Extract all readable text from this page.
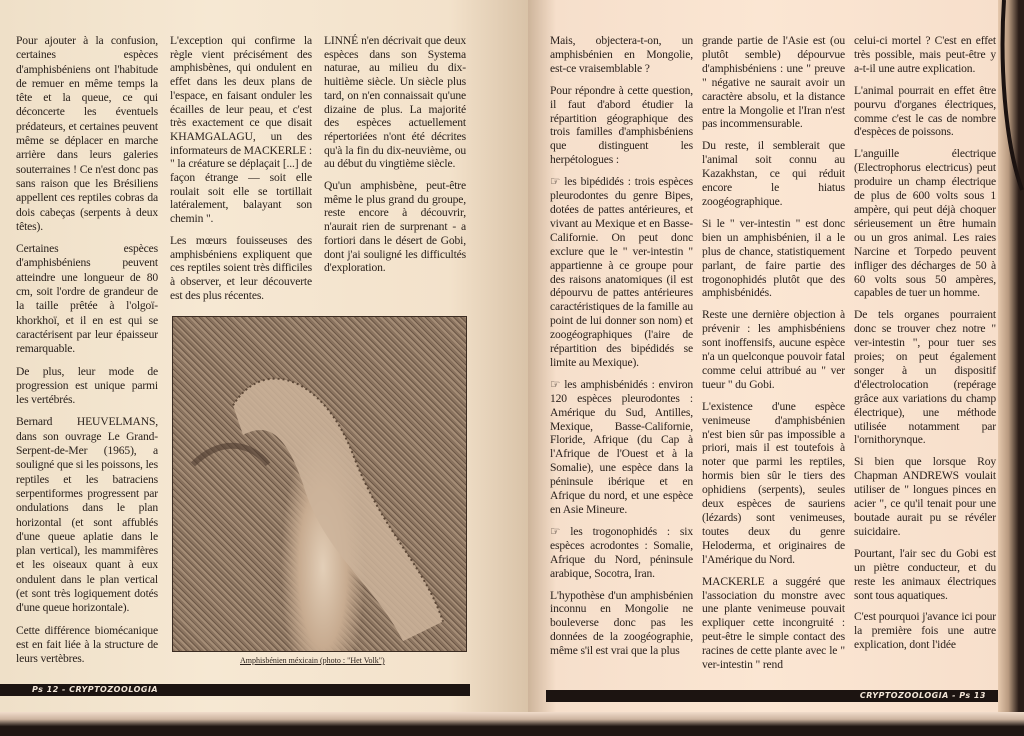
Pour ajouter à la confusion, certaines espèces d'amphisbéniens ont l'habitude de remuer en même temps la tête et la queue, ce qui déconcerte les éventuels prédateurs, et certaines peuvent même se déplacer en marche arrière dans leurs galeries souterraines ! Ce n'est donc pas sans raison que les Brésiliens appellent ces reptiles cobras da dois cabeças (serpents à deux têtes).

Certaines espèces d'amphisbéniens peuvent atteindre une longueur de 80 cm, soit l'ordre de grandeur de la taille prêtée à l'olgoï-khorkhoï, et il en est qui se caractérisent par leur épaisseur remarquable.

De plus, leur mode de progression est unique parmi les vertébrés.

Bernard HEUVELMANS, dans son ouvrage Le Grand-Serpent-de-Mer (1965), a souligné que si les poissons, les reptiles et les batraciens serpentiformes progressent par ondulations dans le plan horizontal (et sont affublés d'une queue aplatie dans le plan vertical), les mammifères et les oiseaux quant à eux ondulent dans le plan vertical (et sont très logiquement dotés d'une queue horizontale).

Cette différence biomécanique est en fait liée à la structure de leurs vertèbres.

L'exception qui confirme la règle vient précisément des amphisbènes, qui ondulent en effet dans les deux plans de l'espace, en faisant onduler les écailles de leur peau, et c'est très exactement ce que disait KHAMGALAGU, un des informateurs de MACKERLE : " la créature se déplaçait [...] de façon étrange — soit elle roulait soit elle se tortillait latéralement, balayant son chemin ".

Les mœurs fouisseuses des amphisbéniens expliquent que ces reptiles soient très difficiles à observer, et leur découverte est des plus récentes.

LINNÉ n'en décrivait que deux espèces dans son Systema naturae, au milieu du dix-huitième siècle. Un siècle plus tard, on n'en connaissait qu'une dizaine de plus. La majorité des espèces actuellement répertoriées n'ont été décrites qu'à la fin du dix-neuvième, ou au début du vingtième siècle.

Qu'un amphisbène, peut-être même le plus grand du groupe, reste encore à découvrir, n'aurait rien de surprenant - a fortiori dans le désert de Gobi, dont j'ai souligné les difficultés d'exploration.

Amphisbénien méxicain (photo : "Het Volk")
Ps 12 - CRYPTOZOOLOGIA

Mais, objectera-t-on, un amphisbénien en Mongolie, est-ce vraisemblable ?

Pour répondre à cette question, il faut d'abord étudier la répartition géographique des trois familles d'amphisbéniens que distinguent les herpétologues :

☞ les bipédidés : trois espèces pleurodontes du genre Bipes, dotées de pattes antérieures, et vivant au Mexique et en Basse-Californie. On peut donc exclure que le " ver-intestin " appartienne à ce groupe pour des raisons anatomiques (il est dépourvu de pattes antérieures caractéristiques de la famille au point de lui donner son nom) et zoogéographiques (l'aire de répartition des bipédidés se limite au Mexique).

☞ les amphisbénidés : environ 120 espèces pleurodontes : Amérique du Sud, Antilles, Mexique, Basse-Californie, Floride, Afrique (du Cap à l'Afrique de l'Ouest et à la Somalie), une espèce dans la péninsule ibérique et en Afrique du nord, et une espèce en Asie Mineure.

☞ les trogonophidés : six espèces acrodontes : Somalie, Afrique du Nord, péninsule arabique, Socotra, Iran.

L'hypothèse d'un amphisbénien inconnu en Mongolie ne bouleverse donc pas les données de la zoogéographie, même s'il est vrai que la plus

grande partie de l'Asie est (ou plutôt semble) dépourvue d'amphisbéniens : une " preuve " négative ne saurait avoir un caractère absolu, et la distance entre la Mongolie et l'Iran n'est pas incommensurable.

Du reste, il semblerait que l'animal soit connu au Kazakhstan, ce qui réduit encore le hiatus zoogéographique.

Si le " ver-intestin " est donc bien un amphisbénien, il a le plus de chance, statistiquement parlant, de faire partie des trogonophidés plutôt que des amphisbénidés.

Reste une dernière objection à prévenir : les amphisbéniens sont inoffensifs, aucune espèce n'a un quelconque pouvoir fatal comme celui attribué au " ver tueur " du Gobi.

L'existence d'une espèce venimeuse d'amphisbénien n'est bien sûr pas impossible a priori, mais il est toutefois à noter que parmi les reptiles, hormis bien sûr le tiers des ophidiens (serpents), seules deux espèces de sauriens (lézards) sont venimeuses, toutes deux du genre Heloderma, et originaires de l'Amérique du Nord.

MACKERLE a suggéré que l'association du monstre avec une plante venimeuse pouvait expliquer cette incongruité : peut-être le simple contact des racines de cette plante avec le " ver-intestin " rend

celui-ci mortel ? C'est en effet très possible, mais peut-être y a-t-il une autre explication.

L'animal pourrait en effet être pourvu d'organes électriques, comme c'est le cas de nombre d'espèces de poissons.

L'anguille électrique (Electrophorus electricus) peut produire un champ électrique de plus de 600 volts sous 1 ampère, qui peut déjà choquer sérieusement un être humain ou un gros animal. Les raies Narcine et Torpedo peuvent infliger des décharges de 50 à 60 volts sous 50 ampères, capables de tuer un homme.

De tels organes pourraient donc se trouver chez notre " ver-intestin ", pour tuer ses proies; on peut également songer à un dispositif d'électrolocation (repérage grâce aux variations du champ électrique), une méthode utilisée notamment par l'ornithorynque.

Si bien que lorsque Roy Chapman ANDREWS voulait utiliser de " longues pinces en acier ", ce qu'il tenait pour une boutade aurait pu se révéler suicidaire.

Pourtant, l'air sec du Gobi est un piètre conducteur, et du reste les animaux électriques sont tous aquatiques.

C'est pourquoi j'avance ici pour la première fois une autre explication, dont l'idée

CRYPTOZOOLOGIA - Ps 13
